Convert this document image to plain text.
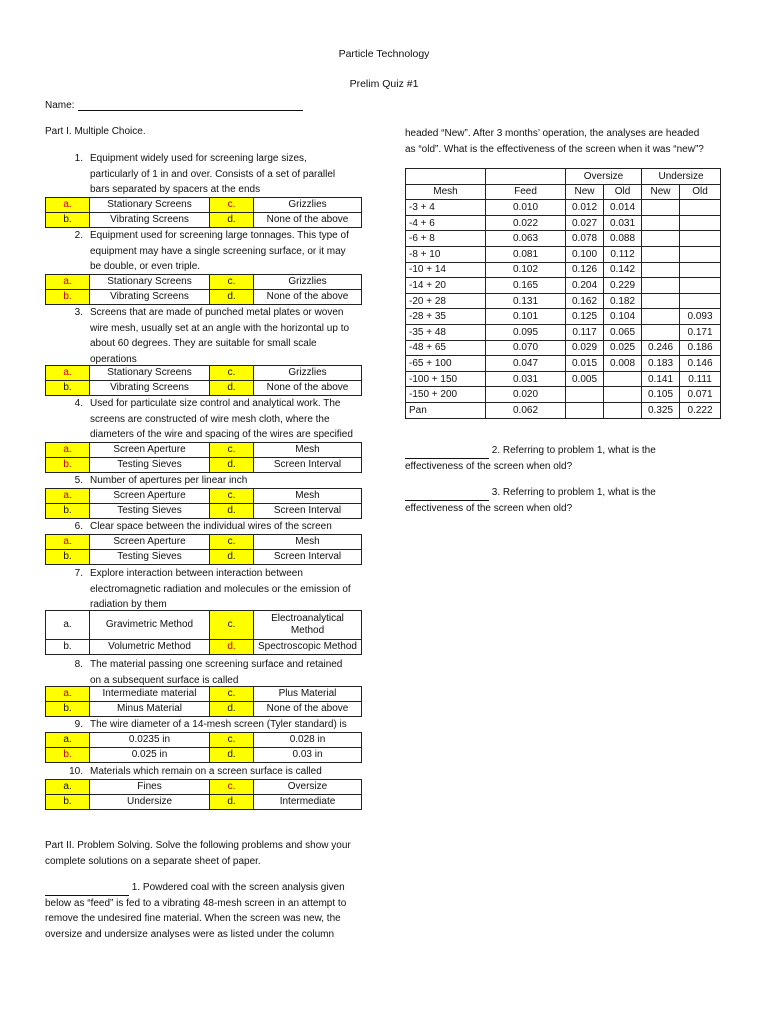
Particle Technology
Prelim Quiz #1
Name:
Part I. Multiple Choice.
1. Equipment widely used for screening large sizes,
particularly of 1 in and over. Consists of a set of parallel
bars separated by spacers at the ends
a.	Stationary Screens	c.	Grizzlies
b.	Vibrating Screens	d.	None of the above
2. Equipment used for screening large tonnages. This type of
equipment may have a single screening surface, or it may
be double, or even triple.
a.	Stationary Screens	c.	Grizzlies
b.	Vibrating Screens	d.	None of the above
3. Screens that are made of punched metal plates or woven
wire mesh, usually set at an angle with the horizontal up to
about 60 degrees. They are suitable for small scale
operations
a.	Stationary Screens	c.	Grizzlies
b.	Vibrating Screens	d.	None of the above
4. Used for particulate size control and analytical work. The
screens are constructed of wire mesh cloth, where the
diameters of the wire and spacing of the wires are specified
a.	Screen Aperture	c.	Mesh
b.	Testing Sieves	d.	Screen Interval
5. Number of apertures per linear inch
a.	Screen Aperture	c.	Mesh
b.	Testing Sieves	d.	Screen Interval
6. Clear space between the individual wires of the screen
a.	Screen Aperture	c.	Mesh
b.	Testing Sieves	d.	Screen Interval
7. Explore interaction between interaction between
electromagnetic radiation and molecules or the emission of
radiation by them
a.	Gravimetric Method	c.	Electroanalytical Method
b.	Volumetric Method	d.	Spectroscopic Method
8. The material passing one screening surface and retained
on a subsequent surface is called
a.	Intermediate material	c.	Plus Material
b.	Minus Material	d.	None of the above
9. The wire diameter of a 14-mesh screen (Tyler standard) is
a.	0.0235 in	c.	0.028 in
b.	0.025 in	d.	0.03 in
10. Materials which remain on a screen surface is called
a.	Fines	c.	Oversize
b.	Undersize	d.	Intermediate
Part II. Problem Solving. Solve the following problems and show your
complete solutions on a separate sheet of paper.
1. Powdered coal with the screen analysis given
below as “feed” is fed to a vibrating 48-mesh screen in an attempt to
remove the undesired fine material. When the screen was new, the
oversize and undersize analyses were as listed under the column
headed “New”. After 3 months’ operation, the analyses are headed
as “old”. What is the effectiveness of the screen when it was “new”?
		Oversize		Undersize	
Mesh	Feed	New	Old	New	Old
-3 + 4	0.010	0.012	0.014		
-4 + 6	0.022	0.027	0.031		
-6 + 8	0.063	0.078	0.088		
-8 + 10	0.081	0.100	0.112		
-10 + 14	0.102	0.126	0.142		
-14 + 20	0.165	0.204	0.229		
-20 + 28	0.131	0.162	0.182		
-28 + 35	0.101	0.125	0.104		0.093
-35 + 48	0.095	0.117	0.065		0.171
-48 + 65	0.070	0.029	0.025	0.246	0.186
-65 + 100	0.047	0.015	0.008	0.183	0.146
-100 + 150	0.031	0.005		0.141	0.111
-150 + 200	0.020			0.105	0.071
Pan	0.062			0.325	0.222
2. Referring to problem 1, what is the
effectiveness of the screen when old?
3. Referring to problem 1, what is the
effectiveness of the screen when old?
